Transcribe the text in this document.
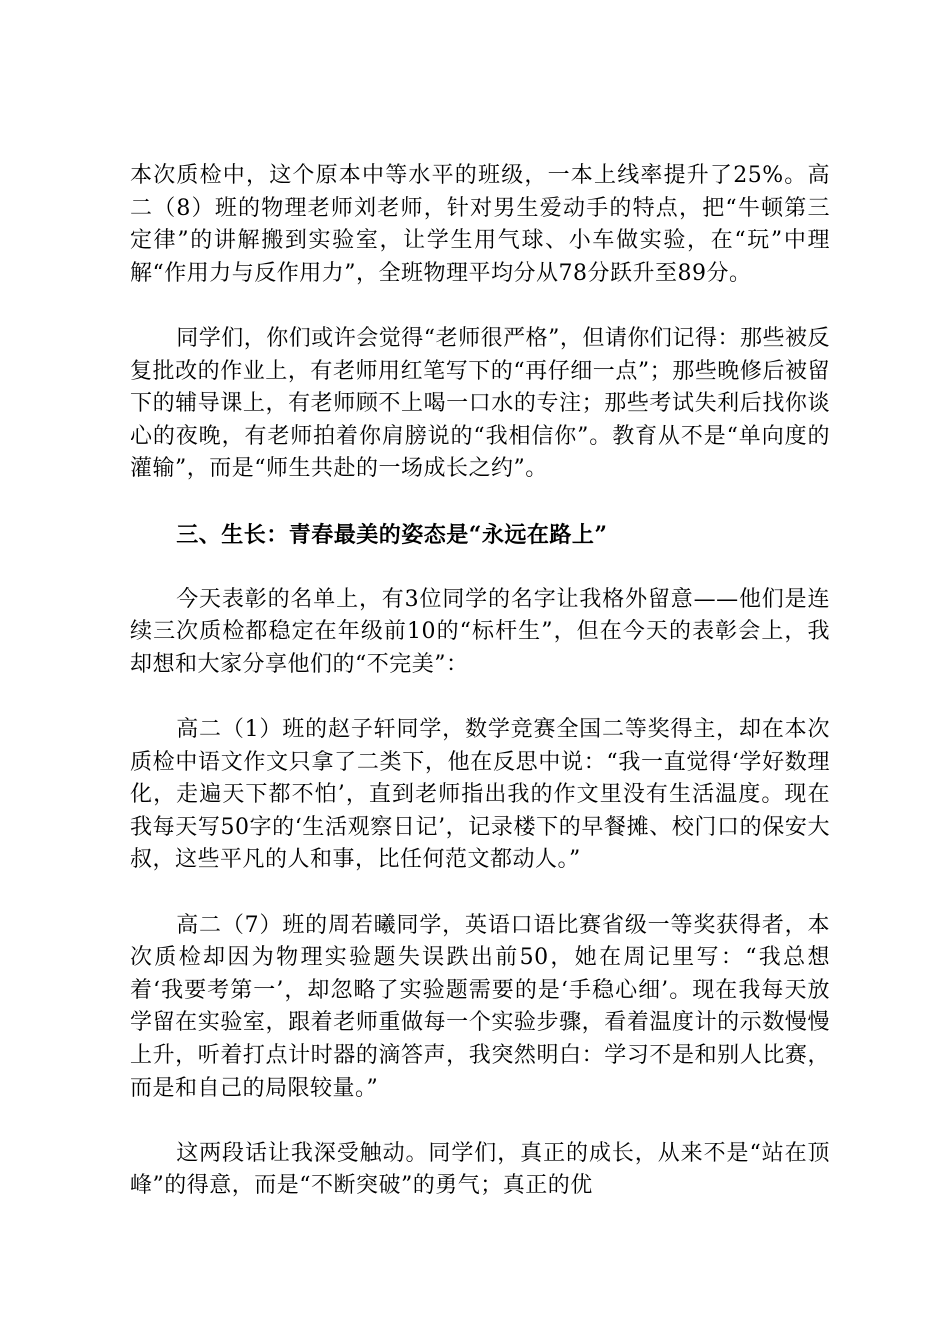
本次质检中，这个原本中等水平的班级，一本上线率提升了25%。高二（8）班的物理老师刘老师，针对男生爱动手的特点，把“牛顿第三定律”的讲解搬到实验室，让学生用气球、小车做实验，在“玩”中理解“作用力与反作用力”，全班物理平均分从78分跃升至89分。

同学们，你们或许会觉得“老师很严格”，但请你们记得：那些被反复批改的作业上，有老师用红笔写下的“再仔细一点”；那些晚修后被留下的辅导课上，有老师顾不上喝一口水的专注；那些考试失利后找你谈心的夜晚，有老师拍着你肩膀说的“我相信你”。教育从不是“单向度的灌输”，而是“师生共赴的一场成长之约”。

三、生长：青春最美的姿态是“永远在路上”

今天表彰的名单上，有3位同学的名字让我格外留意——他们是连续三次质检都稳定在年级前10的“标杆生”，但在今天的表彰会上，我却想和大家分享他们的“不完美”：

高二（1）班的赵子轩同学，数学竞赛全国二等奖得主，却在本次质检中语文作文只拿了二类下，他在反思中说：“我一直觉得‘学好数理化，走遍天下都不怕’，直到老师指出我的作文里没有生活温度。现在我每天写50字的‘生活观察日记’，记录楼下的早餐摊、校门口的保安大叔，这些平凡的人和事，比任何范文都动人。”

高二（7）班的周若曦同学，英语口语比赛省级一等奖获得者，本次质检却因为物理实验题失误跌出前50，她在周记里写：“我总想着‘我要考第一’，却忽略了实验题需要的是‘手稳心细’。现在我每天放学留在实验室，跟着老师重做每一个实验步骤，看着温度计的示数慢慢上升，听着打点计时器的滴答声，我突然明白：学习不是和别人比赛，而是和自己的局限较量。”

这两段话让我深受触动。同学们，真正的成长，从来不是“站在顶峰”的得意，而是“不断突破”的勇气；真正的优
